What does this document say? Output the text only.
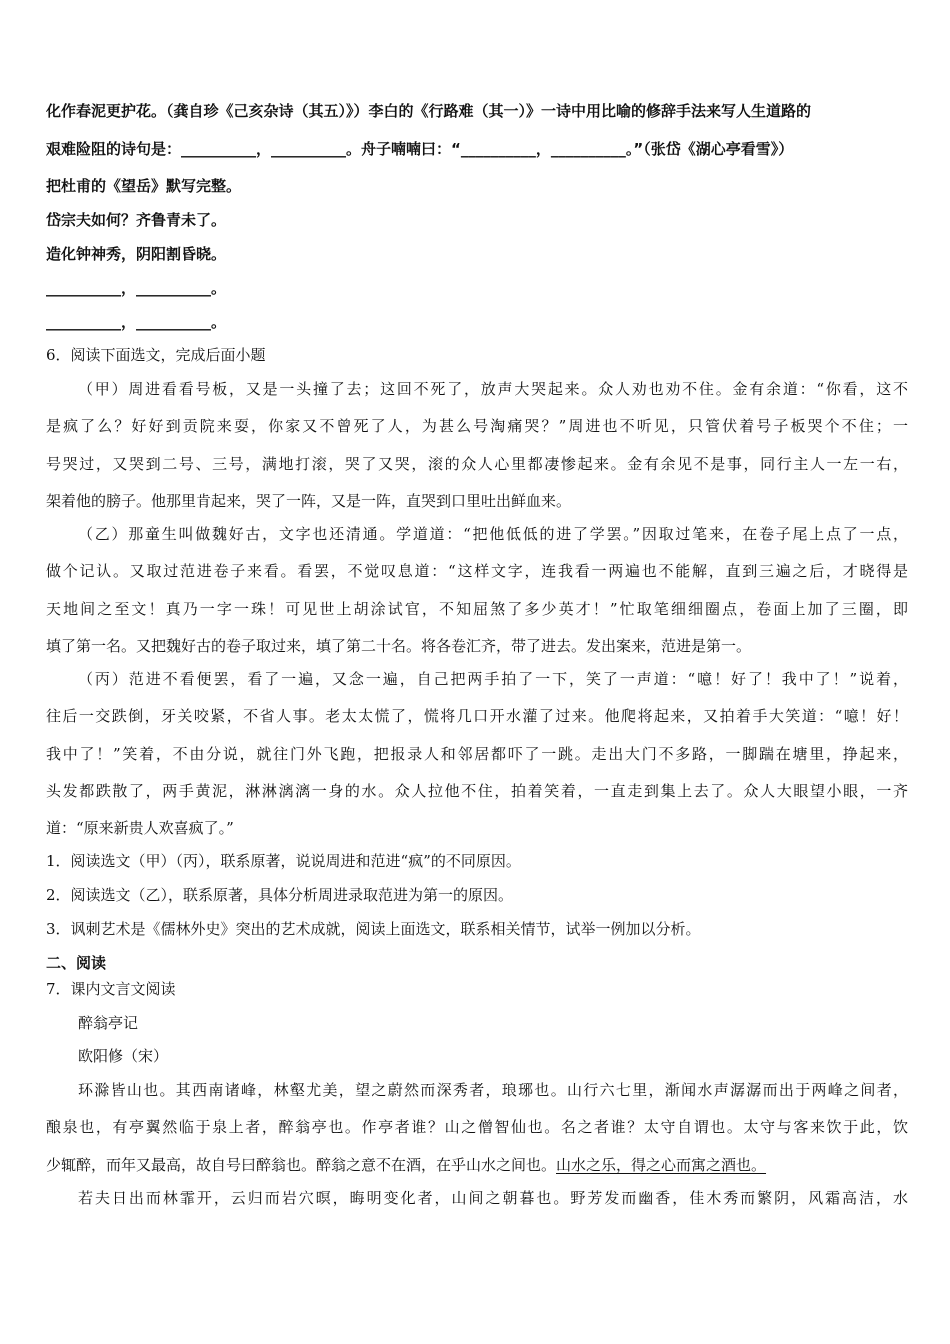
化作春泥更护花。（龚自珍《己亥杂诗（其五）》）李白的《行路难（其一）》一诗中用比喻的修辞手法来写人生道路的
艰难险阻的诗句是：__________，__________。舟子喃喃曰：“__________，__________。”（张岱《湖心亭看雪》）
把杜甫的《望岳》默写完整。
岱宗夫如何？齐鲁青未了。
造化钟神秀，阴阳割昏晓。
__________，__________。
__________，__________。
6．阅读下面选文，完成后面小题
（甲）周进看看号板，又是一头撞了去；这回不死了，放声大哭起来。众人劝也劝不住。金有余道：“你看，这不
是疯了么？好好到贡院来耍，你家又不曾死了人，为甚么号淘痛哭？”周进也不听见，只管伏着号子板哭个不住；一
号哭过，又哭到二号、三号，满地打滚，哭了又哭，滚的众人心里都凄惨起来。金有余见不是事，同行主人一左一右，
架着他的膀子。他那里肯起来，哭了一阵，又是一阵，直哭到口里吐出鲜血来。
（乙）那童生叫做魏好古，文字也还清通。学道道：“把他低低的进了学罢。”因取过笔来，在卷子尾上点了一点，
做个记认。又取过范进卷子来看。看罢，不觉叹息道：“这样文字，连我看一两遍也不能解，直到三遍之后，才晓得是
天地间之至文！真乃一字一珠！可见世上胡涂试官，不知屈煞了多少英才！”忙取笔细细圈点，卷面上加了三圈，即
填了第一名。又把魏好古的卷子取过来，填了第二十名。将各卷汇齐，带了进去。发出案来，范进是第一。
（丙）范进不看便罢，看了一遍，又念一遍，自己把两手拍了一下，笑了一声道：“噫！好了！我中了！”说着，
往后一交跌倒，牙关咬紧，不省人事。老太太慌了，慌将几口开水灌了过来。他爬将起来，又拍着手大笑道：“噫！好！
我中了！”笑着，不由分说，就往门外飞跑，把报录人和邻居都吓了一跳。走出大门不多路，一脚踹在塘里，挣起来，
头发都跌散了，两手黄泥，淋淋漓漓一身的水。众人拉他不住，拍着笑着，一直走到集上去了。众人大眼望小眼，一齐
道：“原来新贵人欢喜疯了。”
1．阅读选文（甲）（丙），联系原著，说说周进和范进“疯”的不同原因。
2．阅读选文（乙），联系原著，具体分析周进录取范进为第一的原因。
3．讽刺艺术是《儒林外史》突出的艺术成就，阅读上面选文，联系相关情节，试举一例加以分析。
二、阅读
7．课内文言文阅读
醉翁亭记
欧阳修（宋）
环滁皆山也。其西南诸峰，林壑尤美，望之蔚然而深秀者，琅琊也。山行六七里，渐闻水声潺潺而出于两峰之间者，
酿泉也，有亭翼然临于泉上者，醉翁亭也。作亭者谁？山之僧智仙也。名之者谁？太守自谓也。太守与客来饮于此，饮
少辄醉，而年又最高，故自号曰醉翁也。醉翁之意不在酒，在乎山水之间也。山水之乐，得之心而寓之酒也。
若夫日出而林霏开，云归而岩穴暝，晦明变化者，山间之朝暮也。野芳发而幽香，佳木秀而繁阴，风霜高洁，水
